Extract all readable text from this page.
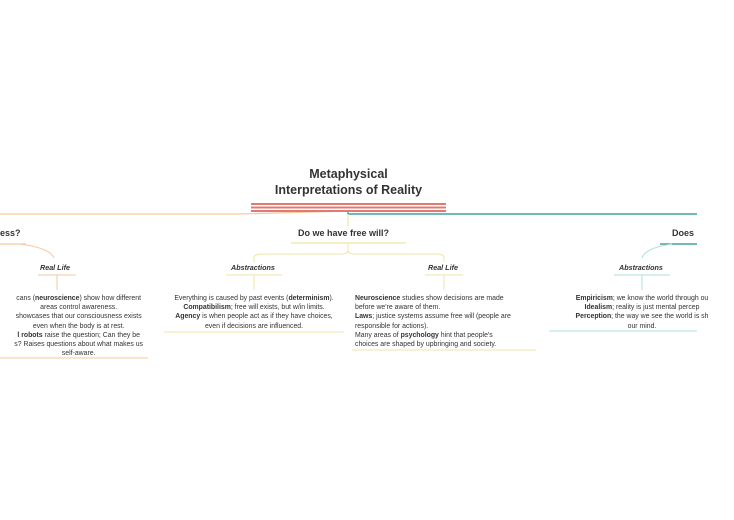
Metaphysical
Interpretations of Reality
ess?
Real Life
cans (neuroscience) show how different
areas control awareness.
showcases that our consciousness exists
even when the body is at rest.
l robots raise the question; Can they be
s? Raises questions about what makes us
self-aware.
Do we have free will?
Abstractions
Everything is caused by past events (determinism).
Compatibilism; free will exists, but w/in limits.
Agency is when people act as if they have choices,
even if decisions are influenced.
Real Life
Neuroscience studies show decisions are made
before we're aware of them.
Laws; justice systems assume free will (people are
responsible for actions).
Many areas of psychology hint that people's
choices are shaped by upbringing and society.
Does
Abstractions
Empiricism; we know the world through ou
Idealism; reality is just mental percep
Perception; the way we see the world is sh
our mind.
